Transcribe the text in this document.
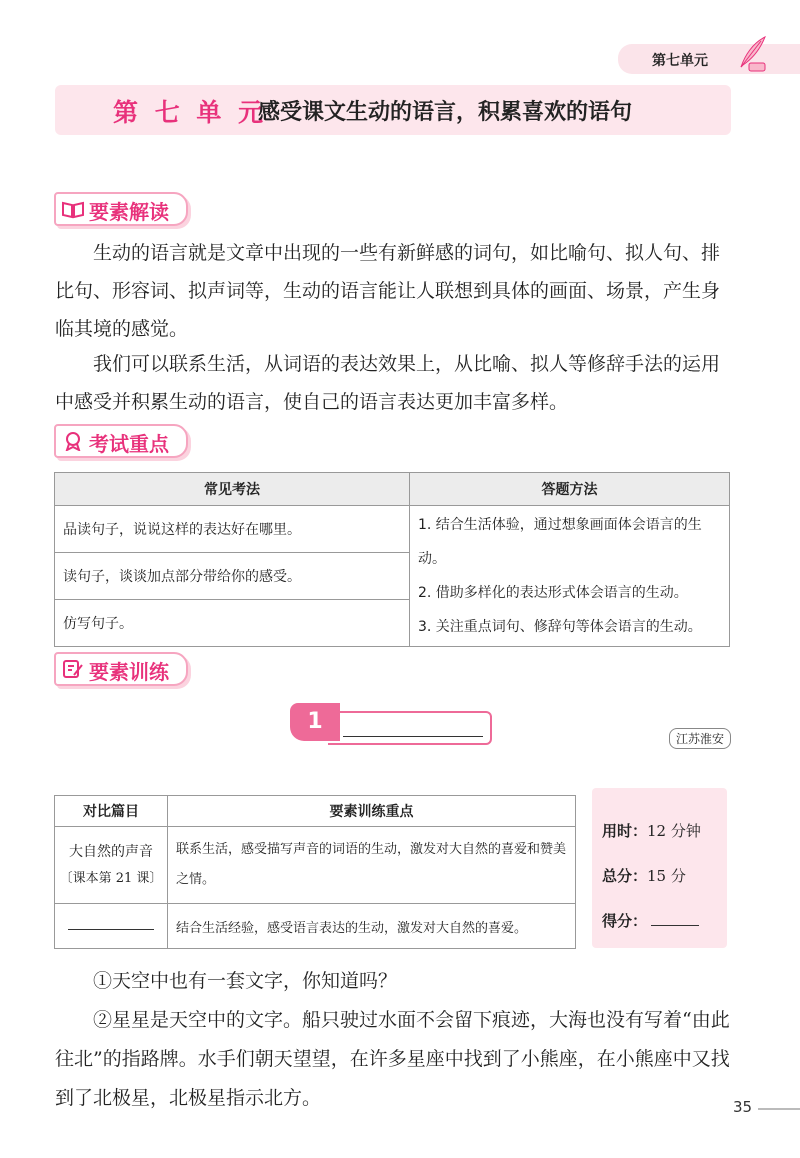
第七单元
第 七 单 元
感受课文生动的语言，积累喜欢的语句
要素解读
生动的语言就是文章中出现的一些有新鲜感的词句，如比喻句、拟人句、排比句、形容词、拟声词等，生动的语言能让人联想到具体的画面、场景，产生身临其境的感觉。
我们可以联系生活，从词语的表达效果上，从比喻、拟人等修辞手法的运用中感受并积累生动的语言，使自己的语言表达更加丰富多样。
考试重点
常见考法	答题方法
品读句子，说说这样的表达好在哪里。	1. 结合生活体验，通过想象画面体会语言的生动。
2. 借助多样化的表达形式体会语言的生动。
3. 关注重点词句、修辞句等体会语言的生动。

读句子，谈谈加点部分带给你的感受。	
仿写句子。	
要素训练
1
江苏淮安
对比篇目	要素训练重点

大自然的声音
〔课本第 21 课〕	联系生活，感受描写声音的词语的生动，激发对大自然的喜爱和赞美之情。
	结合生活经验，感受语言表达的生动，激发对大自然的喜爱。
用时：12 分钟
总分：15 分
得分：
①天空中也有一套文字，你知道吗？
②星星是天空中的文字。船只驶过水面不会留下痕迹，大海也没有写着“由此往北”的指路牌。水手们朝天望望，在许多星座中找到了小熊座，在小熊座中又找到了北极星，北极星指示北方。	35
